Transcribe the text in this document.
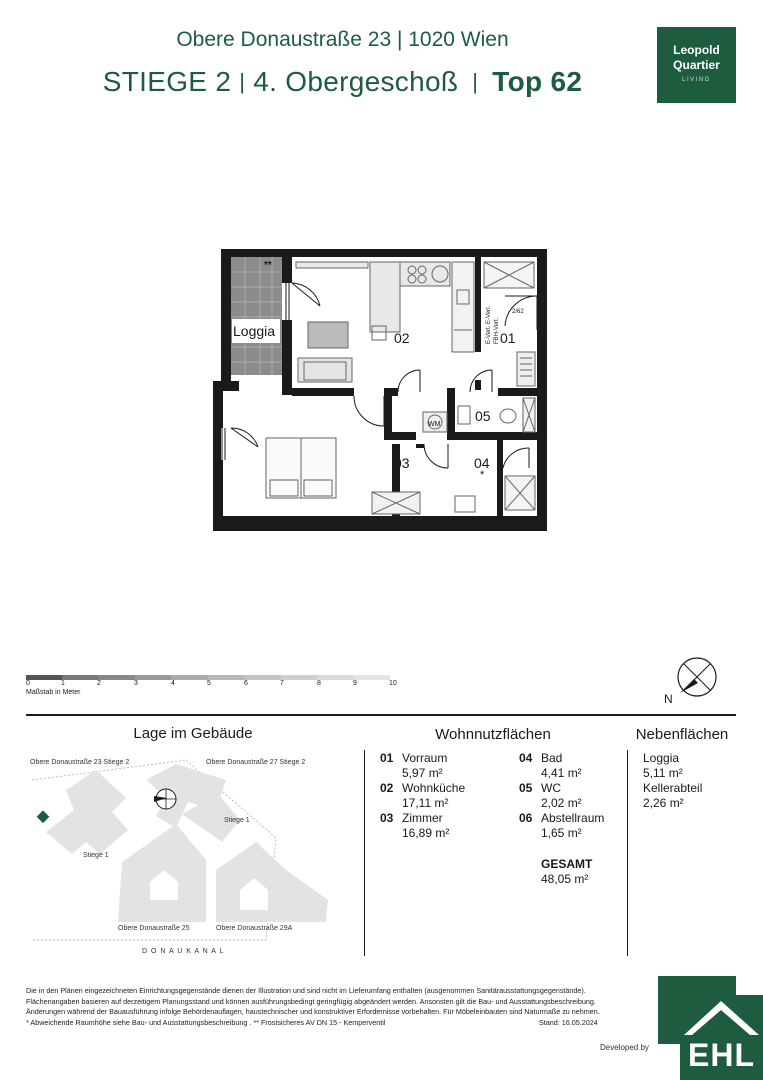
Obere Donaustraße 23 | 1020 Wien
STIEGE 2 | 4. Obergeschoß | Top 62
Leopold
Quartier
LIVING
Loggia
**
02	01
05
03	04
*
WM
2/62
E-Vert. E-Vert. FBH-Vert.
0	1	2	3	4	5	6	7	8	9	10
Maßstab in Meter	N
Lage im Gebäude
Obere Donaustraße 23 Stiege 2	Obere Donaustraße 27 Stiege 2
Stiege 1
Stiege 1
Obere Donaustraße 25	Obere Donaustraße 29A
D O N A U K A N A L
Wohnnutzflächen
01 Vorraum
5,97 m²
02 Wohnküche
17,11 m²
03 Zimmer
16,89 m²
04 Bad
4,41 m²
05 WC
2,02 m²
06 Abstellraum
1,65 m²
GESAMT
48,05 m²
Nebenflächen
Loggia
5,11 m²
Kellerabteil
2,26 m²
Die in den Plänen eingezeichneten Einrichtungsgegenstände dienen der Illustration und sind nicht im Lieferumfang enthalten (ausgenommen Sanitärausstattungsgegenstände).
Flächenangaben basieren auf derzeitigem Planungsstand und können ausführungsbedingt geringfügig abgeändert werden. Ansonsten gilt die Bau- und Ausstattungsbeschreibung.
Änderungen während der Bauausführung infolge Behördenauflagen, haustechnischer und konstruktiver Erfordernisse vorbehalten. Für Möbeleinbauten sind Naturmaße zu nehmen.
* Abweichende Raumhöhe siehe Bau- und Ausstattungsbeschreibung . ** Frostsicheres AV DN 15 - Kemperventil	Stand: 16.05.2024
Developed by EHL
